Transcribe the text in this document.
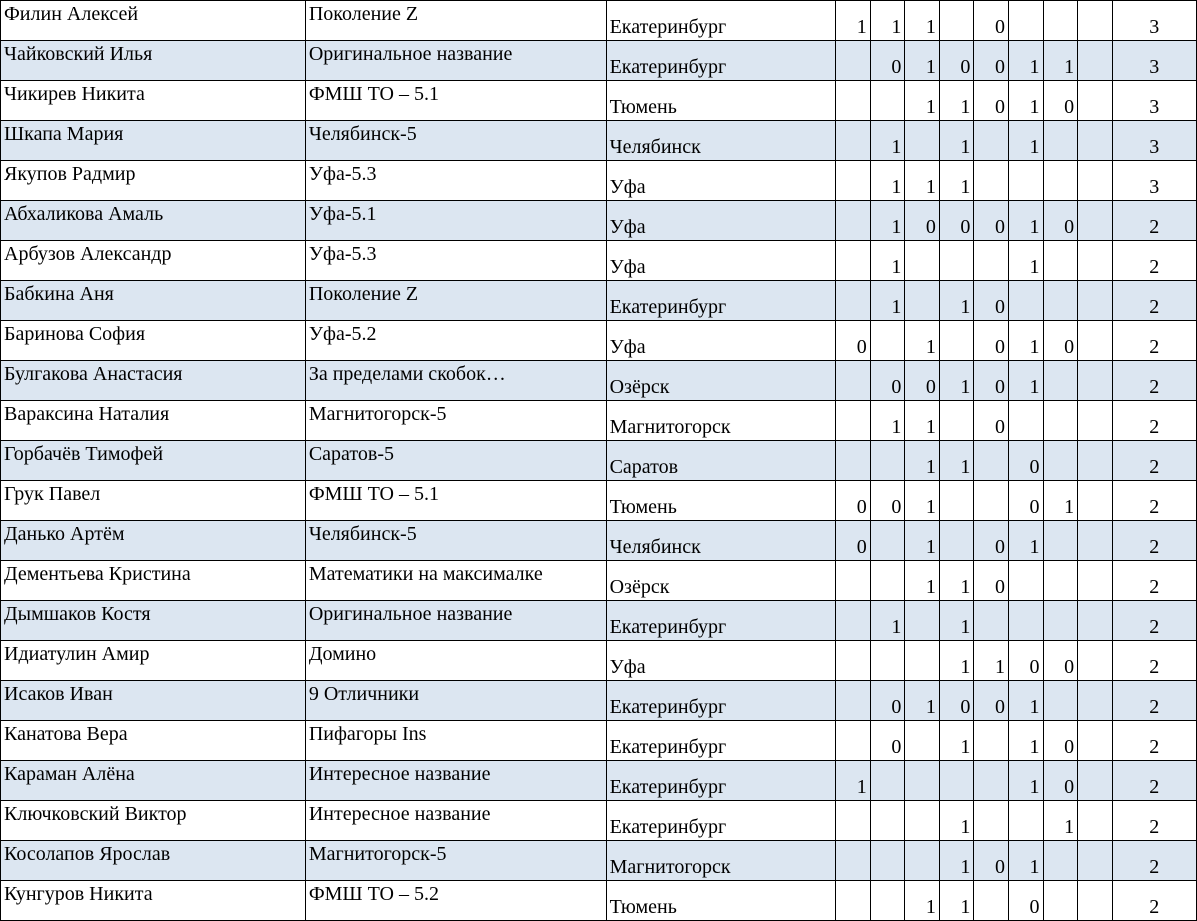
Филин Алексей	Поколение Z	Екатеринбург	1	1	1		0				3
Чайковский Илья	Оригинальное название	Екатеринбург		0	1	0	0	1	1		3
Чикирев Никита	ФМШ ТО – 5.1	Тюмень			1	1	0	1	0		3
Шкапа Мария	Челябинск-5	Челябинск		1		1		1			3
Якупов Радмир	Уфа-5.3	Уфа		1	1	1					3
Абхаликова Амаль	Уфа-5.1	Уфа		1	0	0	0	1	0		2
Арбузов Александр	Уфа-5.3	Уфа		1				1			2
Бабкина Аня	Поколение Z	Екатеринбург		1		1	0				2
Баринова София	Уфа-5.2	Уфа	0		1		0	1	0		2
Булгакова Анастасия	За пределами скобок…	Озёрск		0	0	1	0	1			2
Вараксина Наталия	Магнитогорск-5	Магнитогорск		1	1		0				2
Горбачёв Тимофей	Саратов-5	Саратов			1	1		0			2
Грук Павел	ФМШ ТО – 5.1	Тюмень	0	0	1			0	1		2
Данько Артём	Челябинск-5	Челябинск	0		1		0	1			2
Дементьева Кристина	Математики на максималке	Озёрск			1	1	0				2
Дымшаков Костя	Оригинальное название	Екатеринбург		1		1					2
Идиатулин Амир	Домино	Уфа				1	1	0	0		2
Исаков Иван	9 Отличники	Екатеринбург		0	1	0	0	1			2
Канатова Вера	Пифагоры Ins	Екатеринбург		0		1		1	0		2
Караман Алёна	Интересное название	Екатеринбург	1					1	0		2
Ключковский Виктор	Интересное название	Екатеринбург				1			1		2
Косолапов Ярослав	Магнитогорск-5	Магнитогорск				1	0	1			2
Кунгуров Никита	ФМШ ТО – 5.2	Тюмень			1	1		0			2
